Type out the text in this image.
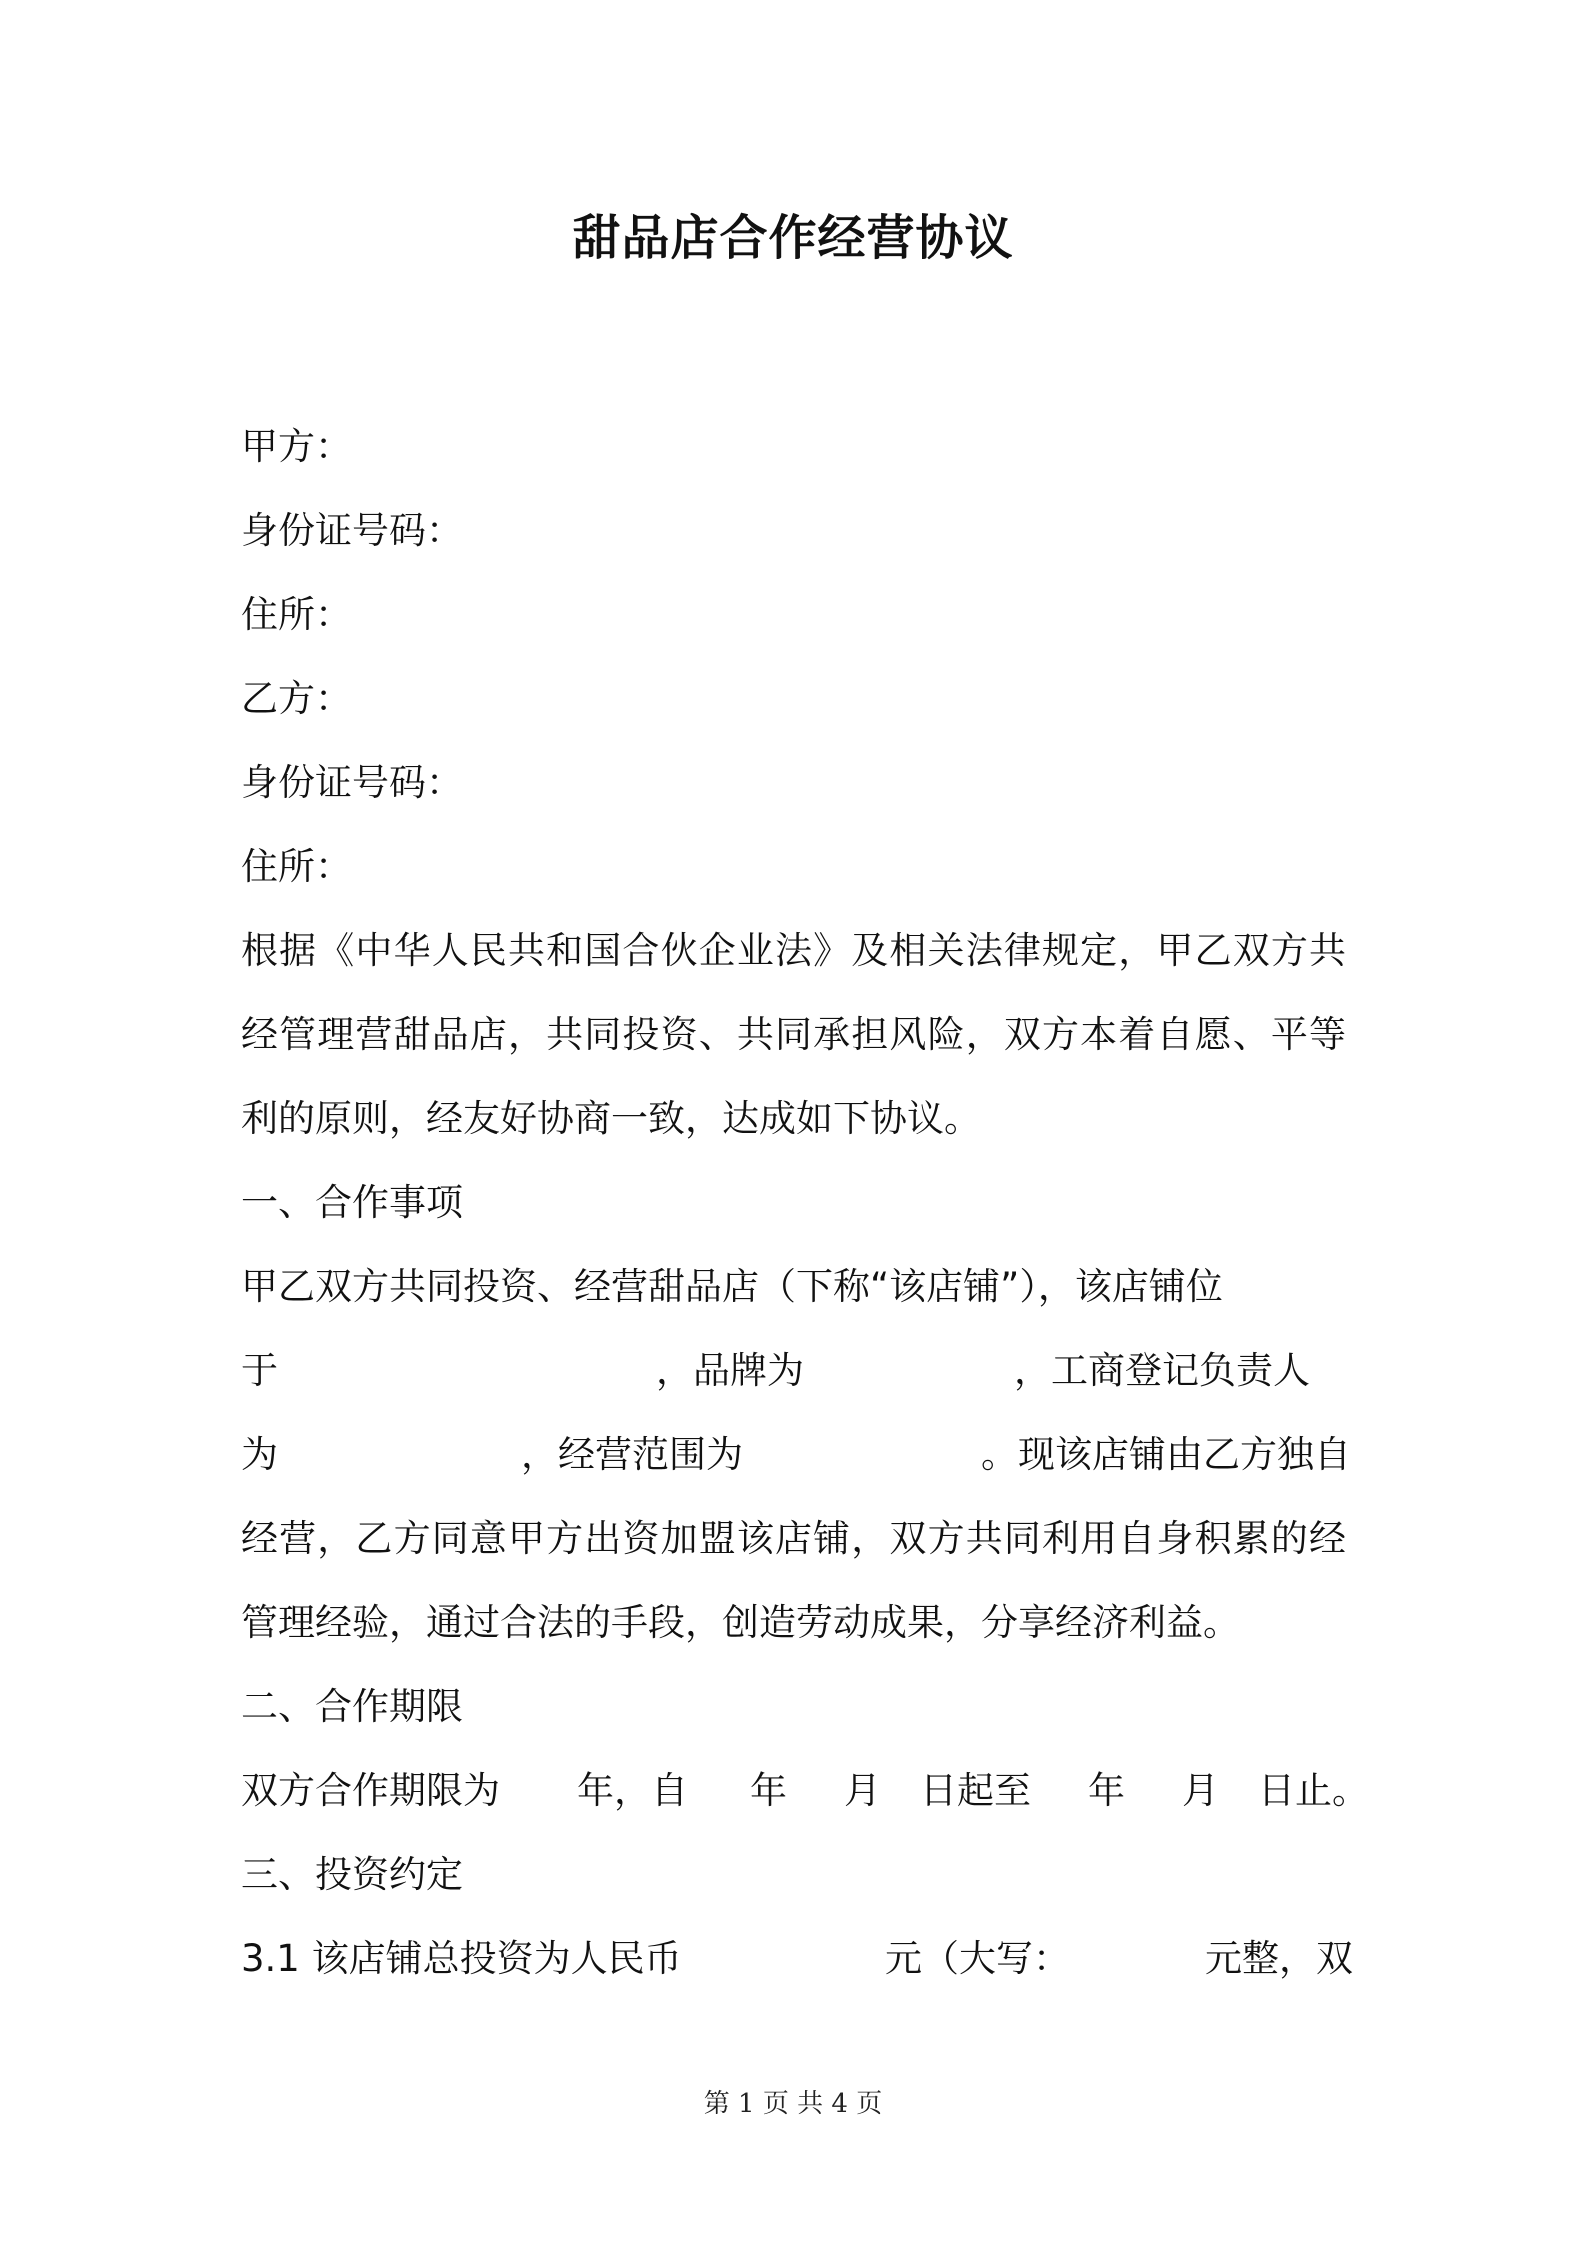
甜品店合作经营协议
甲方：
身份证号码：
住所：
乙方：
身份证号码：
住所：
根据《中华人民共和国合伙企业法》及相关法律规定，甲乙双方共
经管理营甜品店，共同投资、共同承担风险，双方本着自愿、平等
利的原则，经友好协商一致，达成如下协议。
一、合作事项
甲乙双方共同投资、经营甜品店（下称“该店铺”），该店铺位
于	，品牌为	，工商登记负责人
为	，经营范围为	。现该店铺由乙方独自
经营，乙方同意甲方出资加盟该店铺，双方共同利用自身积累的经
管理经验，通过合法的手段，创造劳动成果，分享经济利益。
二、合作期限
双方合作期限为 年，自 年 月 日起至 年 月 日止。
三、投资约定
3.1 该店铺总投资为人民币	元（大写：	元整，双
第 1 页 共 4 页
